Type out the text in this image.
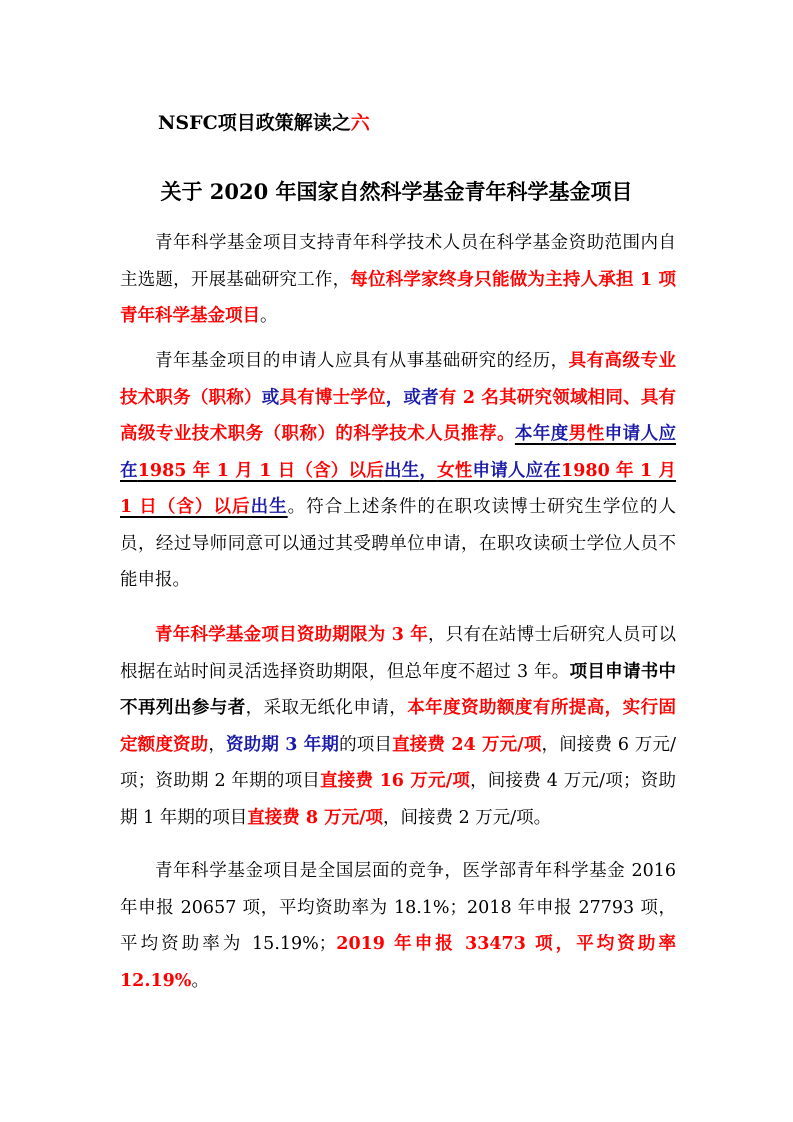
NSFC项目政策解读之六
关于 2020 年国家自然科学基金青年科学基金项目

青年科学基金项目支持青年科学技术人员在科学基金资助范围内自主选题，开展基础研究工作，每位科学家终身只能做为主持人承担 1 项青年科学基金项目。

青年基金项目的申请人应具有从事基础研究的经历，具有高级专业技术职务（职称）或具有博士学位，或者有 2 名其研究领域相同、具有高级专业技术职务（职称）的科学技术人员推荐。本年度男性申请人应在1985 年 1 月 1 日（含）以后出生，女性申请人应在1980 年 1 月 1 日（含）以后出生。符合上述条件的在职攻读博士研究生学位的人员，经过导师同意可以通过其受聘单位申请，在职攻读硕士学位人员不能申报。

青年科学基金项目资助期限为 3 年，只有在站博士后研究人员可以根据在站时间灵活选择资助期限，但总年度不超过 3 年。项目申请书中不再列出参与者，采取无纸化申请，本年度资助额度有所提高，实行固定额度资助，资助期 3 年期的项目直接费 24 万元/项，间接费 6 万元/项；资助期 2 年期的项目直接费 16 万元/项，间接费 4 万元/项；资助期 1 年期的项目直接费 8 万元/项，间接费 2 万元/项。

青年科学基金项目是全国层面的竞争，医学部青年科学基金 2016 年申报 20657 项，平均资助率为 18.1%；2018 年申报 27793 项，平均资助率为 15.19%；2019 年申报 33473 项，平均资助率 12.19%。
